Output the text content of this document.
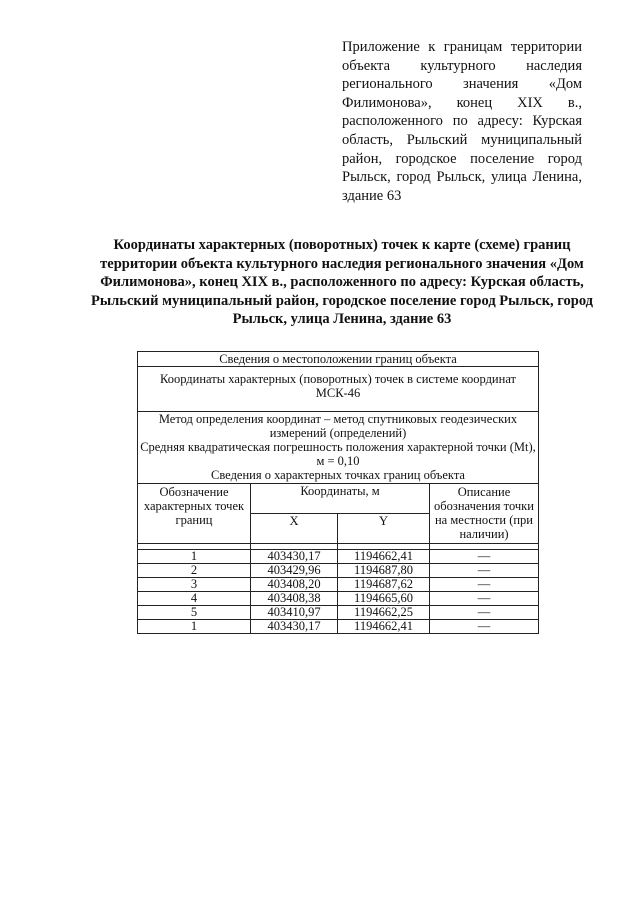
Приложение к границам территории объекта культурного наследия регионального значения «Дом Филимонова», конец XIX в., расположенного по адресу: Курская область, Рыльский муниципальный район, городское поселение город Рыльск, город Рыльск, улица Ленина, здание 63

Координаты характерных (поворотных) точек к карте (схеме) границ территории объекта культурного наследия регионального значения «Дом Филимонова», конец XIX в., расположенного по адресу: Курская область, Рыльский муниципальный район, городское поселение город Рыльск, город Рыльск, улица Ленина, здание 63

Сведения о местоположении границ объекта			
Координаты характерных (поворотных) точек в системе координат МСК-46			

Метод определения координат – метод спутниковых геодезических измерений (определений)
Средняя квадратическая погрешность положения характерной точки (Mt), м = 0,10
Сведения о характерных точках границ объекта			

Обозначение характерных точек границ	Координаты, м		Описание обозначения точки на местности (при наличии)
	X	Y	

1	403430,17	1194662,41	—
2	403429,96	1194687,80	—
3	403408,20	1194687,62	—
4	403408,38	1194665,60	—
5	403410,97	1194662,25	—
1	403430,17	1194662,41	—
